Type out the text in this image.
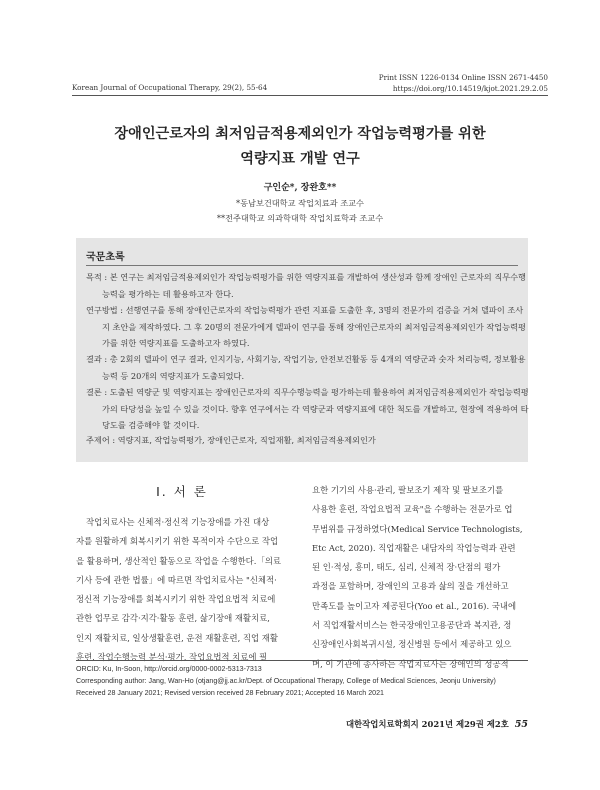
Korean Journal of Occupational Therapy, 29(2), 55-64
Print ISSN 1226-0134 Online ISSN 2671-4450
https://doi.org/10.14519/kjot.2021.29.2.05
장애인근로자의 최저임금적용제외인가 작업능력평가를 위한
역량지표 개발 연구
구인순*, 장완호**
*동남보건대학교 작업치료과 조교수
**전주대학교 의과학대학 작업치료학과 조교수
국문초록
목적 : 본 연구는 최저임금적용제외인가 작업능력평가를 위한 역량지표를 개발하여 생산성과 함께 장애인 근로자의 직무수행능력을 평가하는 데 활용하고자 한다.
연구방법 : 선행연구를 통해 장애인근로자의 작업능력평가 관련 지표를 도출한 후, 3명의 전문가의 검증을 거쳐 델파이 조사지 초안을 제작하였다. 그 후 20명의 전문가에게 델파이 연구를 통해 장애인근로자의 최저임금적용제외인가 작업능력평가를 위한 역량지표를 도출하고자 하였다.
결과 : 총 2회의 델파이 연구 결과, 인지기능, 사회기능, 작업기능, 안전보건활동 등 4개의 역량군과 숫자 처리능력, 정보활용능력 등 20개의 역량지표가 도출되었다.
결론 : 도출된 역량군 및 역량지표는 장애인근로자의 직무수행능력을 평가하는데 활용하여 최저임금적용제외인가 작업능력평가의 타당성을 높일 수 있을 것이다. 향후 연구에서는 각 역량군과 역량지표에 대한 척도를 개발하고, 현장에 적용하여 타당도를 검증해야 할 것이다.
주제어 : 역량지표, 작업능력평가, 장애인근로자, 직업재활, 최저임금적용제외인가
Ⅰ. 서 론
작업치료사는 신체적·정신적 기능장애를 가진 대상
자를 원활하게 회복시키기 위한 목적이자 수단으로 작업
을 활용하며, 생산적인 활동으로 작업을 수행한다.「의료
기사 등에 관한 법률」에 따르면 작업치료사는 "신체적·
정신적 기능장애를 회복시키기 위한 작업요법적 치료에
관한 업무로 감각·지각·활동 훈련, 삶기장애 재활치료,
인지 재활치료, 일상생활훈련, 운전 재활훈련, 직업 재활
훈련, 작업수행능력 분석·평가, 작업요법적 치료에 필
요한 기기의 사용·관리, 팔보조기 제작 및 팔보조기를
사용한 훈련, 작업요법적 교육"을 수행하는 전문가로 업
무범위를 규정하였다(Medical Service Technologists,
Etc Act, 2020). 직업재활은 내담자의 작업능력과 관련
된 인·적성, 흥미, 태도, 심리, 신체적 장·단점의 평가
과정을 포함하며, 장애인의 고용과 삶의 질을 개선하고
만족도를 높이고자 제공된다(Yoo et al., 2016). 국내에
서 직업재활서비스는 한국장애인고용공단과 복지관, 정
신장애인사회복귀시설, 정신병원 등에서 제공하고 있으
며, 이 기관에 종사하는 작업치료사는 장애인의 성공적
ORCID: Ku, In-Soon, http://orcid.org/0000-0002-5313-7313
Corresponding author: Jang, Wan-Ho (otjang@jj.ac.kr/Dept. of Occupational Therapy, College of Medical Sciences, Jeonju University)
Received 28 January 2021; Revised version received 28 February 2021; Accepted 16 March 2021
대한작업치료학회지 2021년 제29권 제2호 55
